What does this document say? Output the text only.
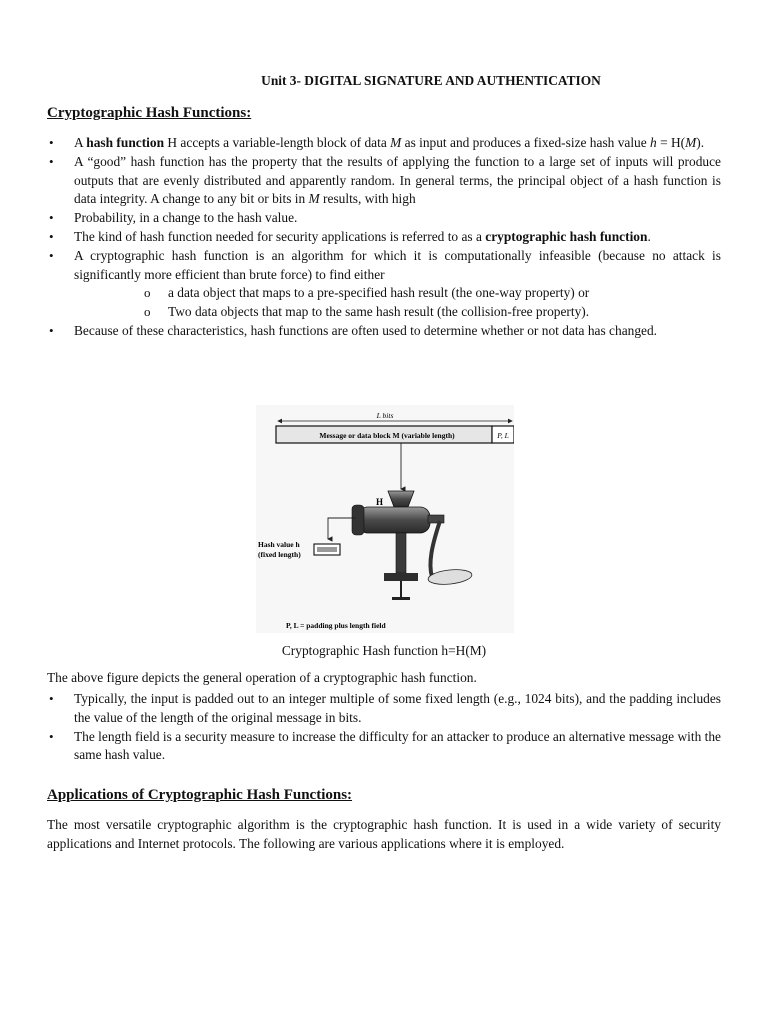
Unit 3- DIGITAL SIGNATURE AND AUTHENTICATION
Cryptographic Hash Functions:
• A hash function H accepts a variable-length block of data M as input and produces a fixed-size hash value h = H(M).
• A “good” hash function has the property that the results of applying the function to a large set of inputs will produce outputs that are evenly distributed and apparently random. In general terms, the principal object of a hash function is data integrity. A change to any bit or bits in M results, with high
• Probability, in a change to the hash value.
• The kind of hash function needed for security applications is referred to as a cryptographic hash function.
• A cryptographic hash function is an algorithm for which it is computationally infeasible (because no attack is significantly more efficient than brute force) to find either
o a data object that maps to a pre-specified hash result (the one-way property) or
o Two data objects that map to the same hash result (the collision-free property).
• Because of these characteristics, hash functions are often used to determine whether or not data has changed.
L bits
Message or data block M (variable length)	P, L
H
Hash value h
(fixed length)
P, L = padding plus length field
Cryptographic Hash function h=H(M)
The above figure depicts the general operation of a cryptographic hash function.
• Typically, the input is padded out to an integer multiple of some fixed length (e.g., 1024 bits), and the padding includes the value of the length of the original message in bits.
• The length field is a security measure to increase the difficulty for an attacker to produce an alternative message with the same hash value.
Applications of Cryptographic Hash Functions:
The most versatile cryptographic algorithm is the cryptographic hash function. It is used in a wide variety of security applications and Internet protocols. The following are various applications where it is employed.
